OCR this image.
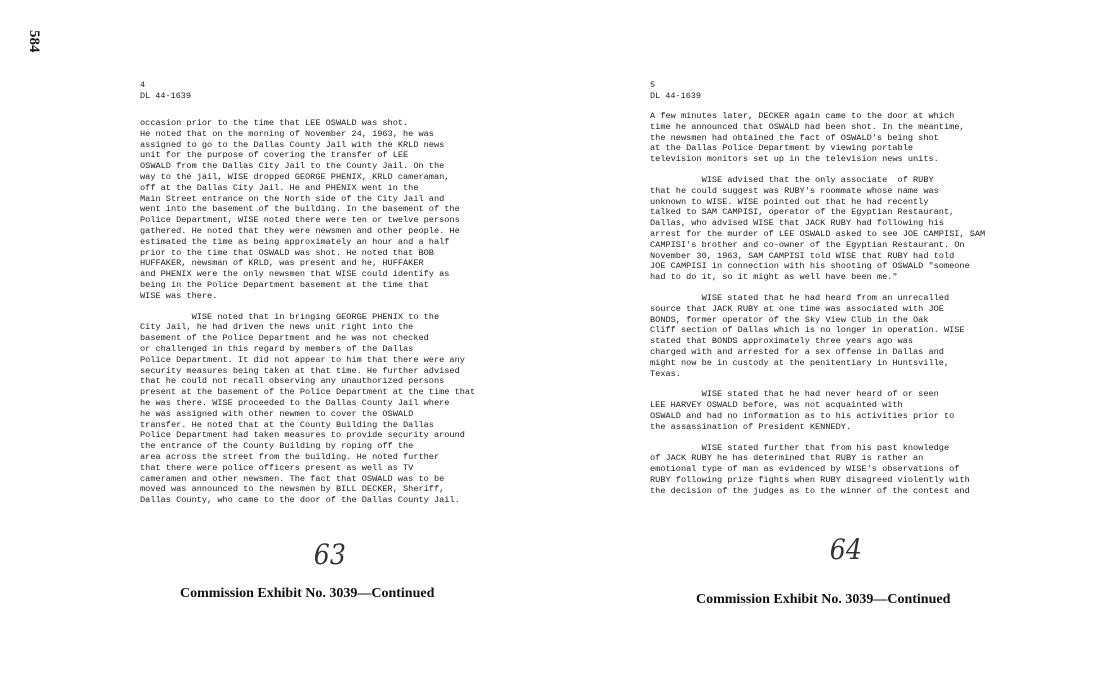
584
4
DL 44-1639

occasion prior to the time that LEE OSWALD was shot.
He noted that on the morning of November 24, 1963, he was
assigned to go to the Dallas County Jail with the KRLD news
unit for the purpose of covering the transfer of LEE
OSWALD from the Dallas City Jail to the County Jail. On the
way to the jail, WISE dropped GEORGE PHENIX, KRLD cameraman,
off at the Dallas City Jail. He and PHENIX went in the
Main Street entrance on the North side of the City Jail and
went into the basement of the building. In the basement of the
Police Department, WISE noted there were ten or twelve persons
gathered. He noted that they were newsmen and other people. He
estimated the time as being approximately an hour and a half
prior to the time that OSWALD was shot. He noted that BOB
HUFFAKER, newsman of KRLD, was present and he, HUFFAKER
and PHENIX were the only newsmen that WISE could identify as
being in the Police Department basement at the time that
WISE was there.

WISE noted that in bringing GEORGE PHENIX to the
City Jail, he had driven the news unit right into the
basement of the Police Department and he was not checked
or challenged in this regard by members of the Dallas
Police Department. It did not appear to him that there were any
security measures being taken at that time. He further advised
that he could not recall observing any unauthorized persons
present at the basement of the Police Department at the time that
he was there. WISE proceeded to the Dallas County Jail where
he was assigned with other newmen to cover the OSWALD
transfer. He noted that at the County Building the Dallas
Police Department had taken measures to provide security around
the entrance of the County Building by roping off the
area across the street from the building. He noted further
that there were police officers present as well as TV
cameramen and other newsmen. The fact that OSWALD was to be
moved was announced to the newsmen by BILL DECKER, Sheriff,
Dallas County, who came to the door of the Dallas County Jail.

5
DL 44-1639

A few minutes later, DECKER again came to the door at which
time he announced that OSWALD had been shot. In the meantime,
the newsmen had obtained the fact of OSWALD's being shot
at the Dallas Police Department by viewing portable
television monitors set up in the television news units.

WISE advised that the only associate  of RUBY
that he could suggest was RUBY's roommate whose name was
unknown to WISE. WISE pointed out that he had recently
talked to SAM CAMPISI, operator of the Egyptian Restaurant,
Dallas, who advised WISE that JACK RUBY had following his
arrest for the murder of LEE OSWALD asked to see JOE CAMPISI, SAM
CAMPISI's brother and co-owner of the Egyptian Restaurant. On
November 30, 1963, SAM CAMPISI told WISE that RUBY had told
JOE CAMPISI in connection with his shooting of OSWALD "someone
had to do it, so it might as well have been me."

WISE stated that he had heard from an unrecalled
source that JACK RUBY at one time was associated with JOE
BONDS, former operator of the Sky View Club in the Oak
Cliff section of Dallas which is no longer in operation. WISE
stated that BONDS approximately three years ago was
charged with and arrested for a sex offense in Dallas and
might now be in custody at the penitentiary in Huntsville,
Texas.

WISE stated that he had never heard of or seen
LEE HARVEY OSWALD before, was not acquainted with
OSWALD and had no information as to his activities prior to
the assassination of President KENNEDY.

WISE stated further that from his past knowledge
of JACK RUBY he has determined that RUBY is rather an
emotional type of man as evidenced by WISE's observations of
RUBY following prize fights when RUBY disagreed violently with
the decision of the judges as to the winner of the contest and

63	64
Commission Exhibit No. 3039—Continued	Commission Exhibit No. 3039—Continued
